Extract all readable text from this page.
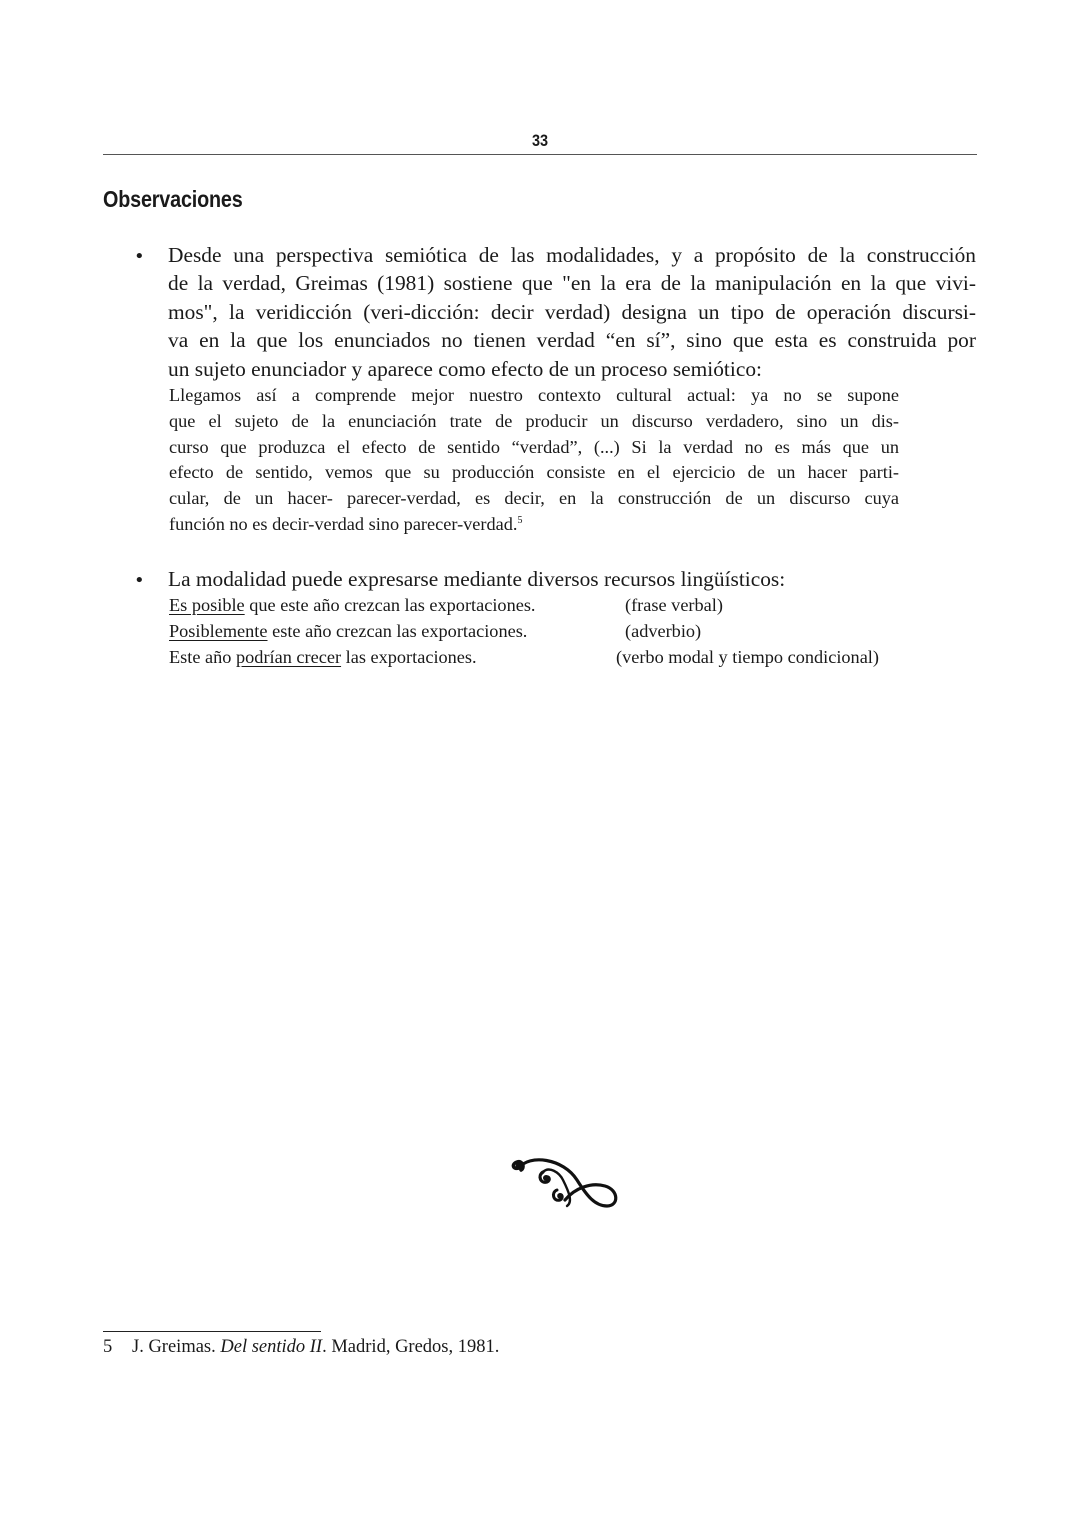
33
Observaciones
• Desde una perspectiva semiótica de las modalidades, y a propósito de la construcción
de la verdad, Greimas (1981) sostiene que "en la era de la manipulación en la que vivi-
mos", la veridicción (veri-dicción: decir verdad) designa un tipo de operación discursi-
va en la que los enunciados no tienen verdad “en sí”, sino que esta es construida por
un sujeto enunciador y aparece como efecto de un proceso semiótico:
Llegamos así a comprende mejor nuestro contexto cultural actual: ya no se supone
que el sujeto de la enunciación trate de producir un discurso verdadero, sino un dis-
curso que produzca el efecto de sentido “verdad”, (...) Si la verdad no es más que un
efecto de sentido, vemos que su producción consiste en el ejercicio de un hacer parti-
cular, de un hacer- parecer-verdad, es decir, en la construcción de un discurso cuya
función no es decir-verdad sino parecer-verdad.$^5$
• La modalidad puede expresarse mediante diversos recursos lingüísticos:
Es posible que este año crezcan las exportaciones.	(frase verbal)
Posiblemente este año crezcan las exportaciones.	(adverbio)
Este año podrían crecer las exportaciones.	(verbo modal y tiempo condicional)
5 J. Greimas. Del sentido II. Madrid, Gredos, 1981.
